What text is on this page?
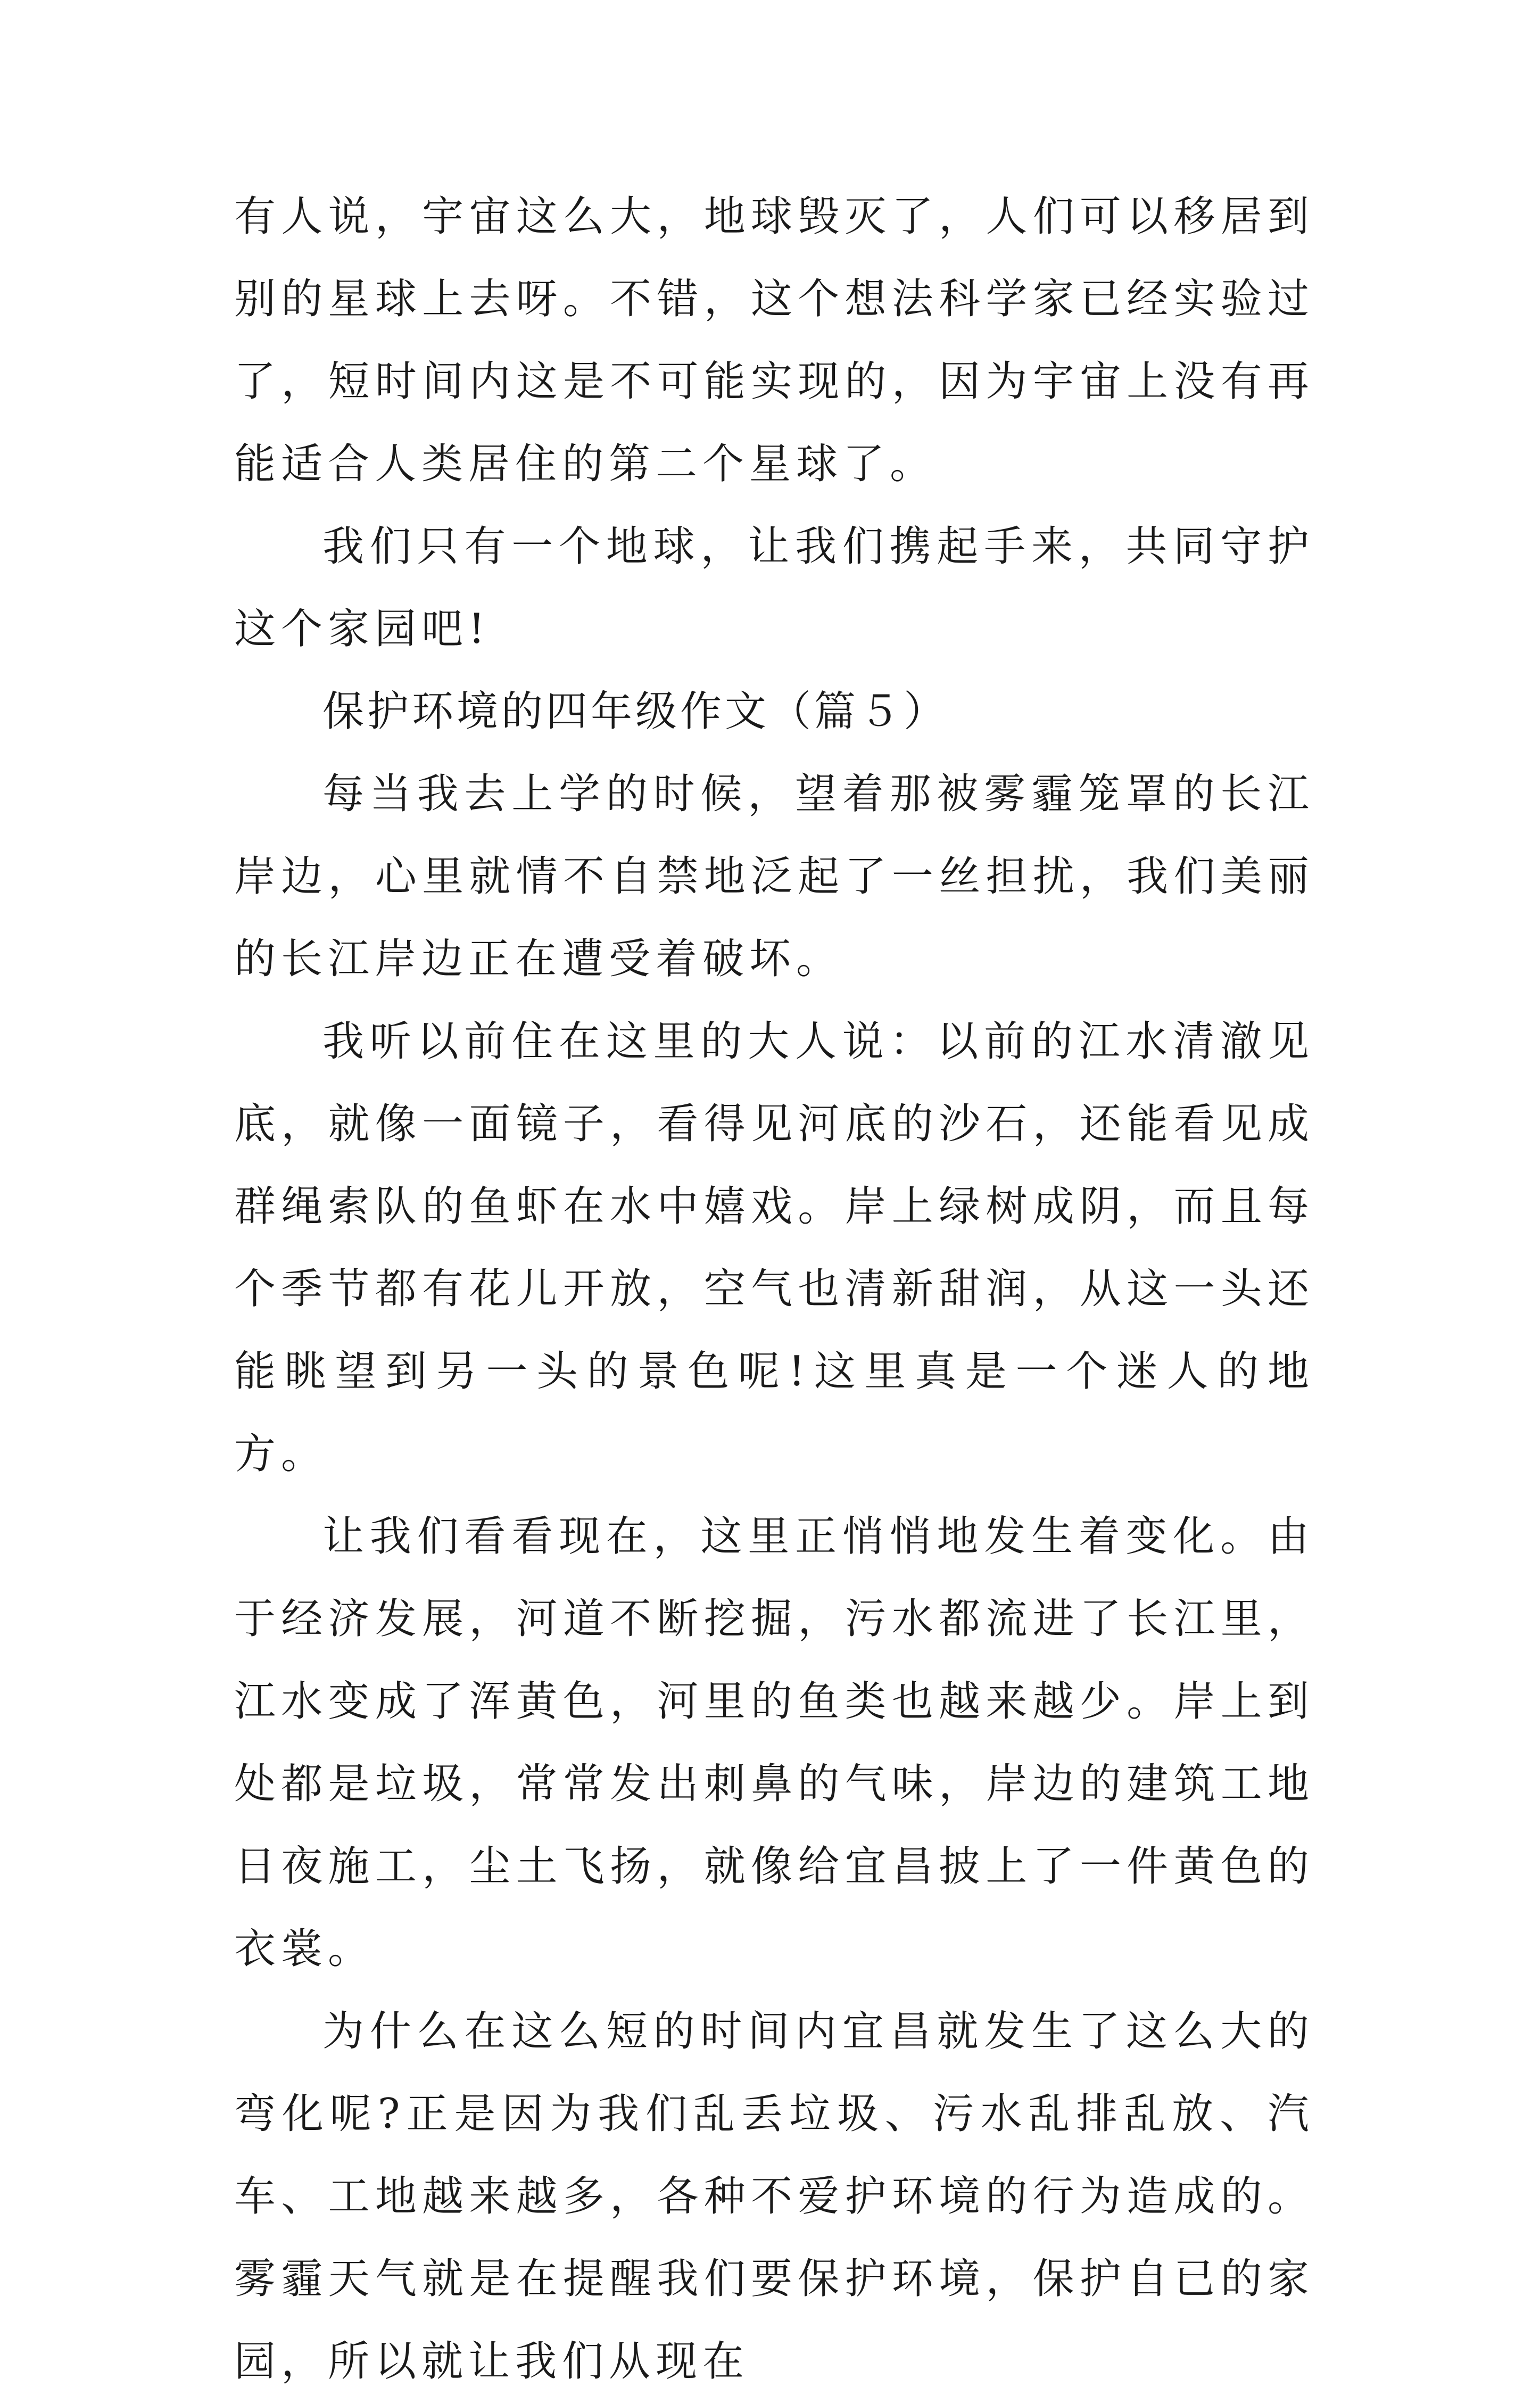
有人说，宇宙这么大，地球毁灭了，人们可以移居到别的星球上去呀。不错，这个想法科学家已经实验过了，短时间内这是不可能实现的，因为宇宙上没有再能适合人类居住的第二个星球了。

我们只有一个地球，让我们携起手来，共同守护这个家园吧!

保护环境的四年级作文（篇５）

每当我去上学的时候，望着那被雾霾笼罩的长江岸边，心里就情不自禁地泛起了一丝担扰，我们美丽的长江岸边正在遭受着破坏。

我听以前住在这里的大人说：以前的江水清澈见底，就像一面镜子，看得见河底的沙石，还能看见成群绳索队的鱼虾在水中嬉戏。岸上绿树成阴，而且每个季节都有花儿开放，空气也清新甜润，从这一头还能眺望到另一头的景色呢!这里真是一个迷人的地方。

让我们看看现在，这里正悄悄地发生着变化。由于经济发展，河道不断挖掘，污水都流进了长江里，江水变成了浑黄色，河里的鱼类也越来越少。岸上到处都是垃圾，常常发出刺鼻的气味，岸边的建筑工地日夜施工，尘土飞扬，就像给宜昌披上了一件黄色的衣裳。

为什么在这么短的时间内宜昌就发生了这么大的弯化呢?正是因为我们乱丢垃圾、污水乱排乱放、汽车、工地越来越多，各种不爱护环境的行为造成的。雾霾天气就是在提醒我们要保护环境，保护自已的家园，所以就让我们从现在
